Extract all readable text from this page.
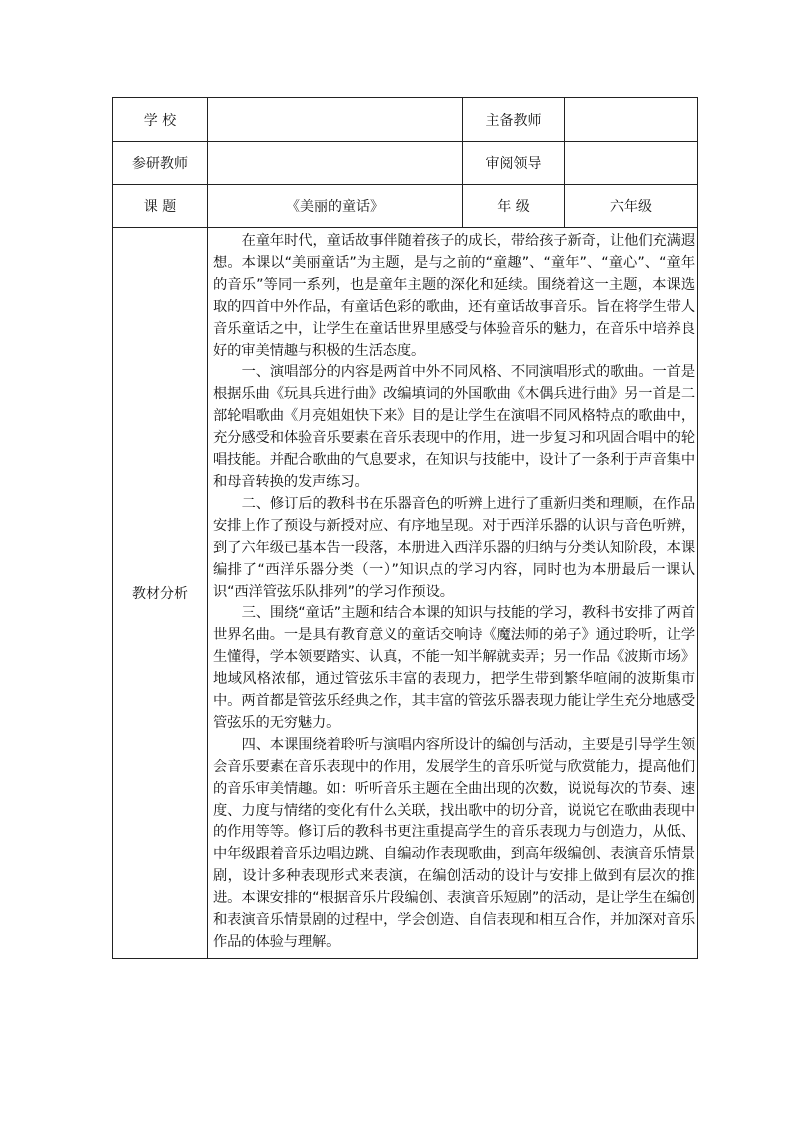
学 校		主备教师	
参研教师		审阅领导	
课 题	《美丽的童话》	年 级	六年级
教材分析	在童年时代，童话故事伴随着孩子的成长，带给孩子新奇，让他们充满遐想。本课以“美丽童话”为主题，是与之前的“童趣”、“童年”、“童心”、“童年的音乐”等同一系列，也是童年主题的深化和延续。围绕着这一主题，本课选取的四首中外作品，有童话色彩的歌曲，还有童话故事音乐。旨在将学生带人音乐童话之中，让学生在童话世界里感受与体验音乐的魅力，在音乐中培养良好的审美情趣与积极的生活态度。

一、演唱部分的内容是两首中外不同风格、不同演唱形式的歌曲。一首是根据乐曲《玩具兵进行曲》改编填词的外国歌曲《木偶兵进行曲》另一首是二部轮唱歌曲《月亮姐姐快下来》目的是让学生在演唱不同风格特点的歌曲中，充分感受和体验音乐要素在音乐表现中的作用，进一步复习和巩固合唱中的轮唱技能。并配合歌曲的气息要求，在知识与技能中，设计了一条利于声音集中和母音转换的发声练习。

二、修订后的教科书在乐器音色的听辨上进行了重新归类和理顺，在作品安排上作了预设与新授对应、有序地呈现。对于西洋乐器的认识与音色听辨，到了六年级已基本告一段落，本册进入西洋乐器的归纳与分类认知阶段，本课编排了“西洋乐器分类（一）”知识点的学习内容，同时也为本册最后一课认识“西洋管弦乐队排列”的学习作预设。

三、围绕“童话”主题和结合本课的知识与技能的学习，教科书安排了两首世界名曲。一是具有教育意义的童话交响诗《魔法师的弟子》通过聆听，让学生懂得，学本领要踏实、认真，不能一知半解就卖弄；另一作品《波斯市场》地域风格浓郁，通过管弦乐丰富的表现力，把学生带到繁华喧闹的波斯集市中。两首都是管弦乐经典之作，其丰富的管弦乐器表现力能让学生充分地感受管弦乐的无穷魅力。

四、本课围绕着聆听与演唱内容所设计的编创与活动，主要是引导学生领会音乐要素在音乐表现中的作用，发展学生的音乐听觉与欣赏能力，提高他们的音乐审美情趣。如：听听音乐主题在全曲出现的次数，说说每次的节奏、速度、力度与情绪的变化有什么关联，找出歌中的切分音，说说它在歌曲表现中的作用等等。修订后的教科书更注重提高学生的音乐表现力与创造力，从低、中年级跟着音乐边唱边跳、自编动作表现歌曲，到高年级编创、表演音乐情景剧，设计多种表现形式来表演，在编创活动的设计与安排上做到有层次的推进。本课安排的“根据音乐片段编创、表演音乐短剧”的活动，是让学生在编创和表演音乐情景剧的过程中，学会创造、自信表现和相互合作，并加深对音乐作品的体验与理解。		
